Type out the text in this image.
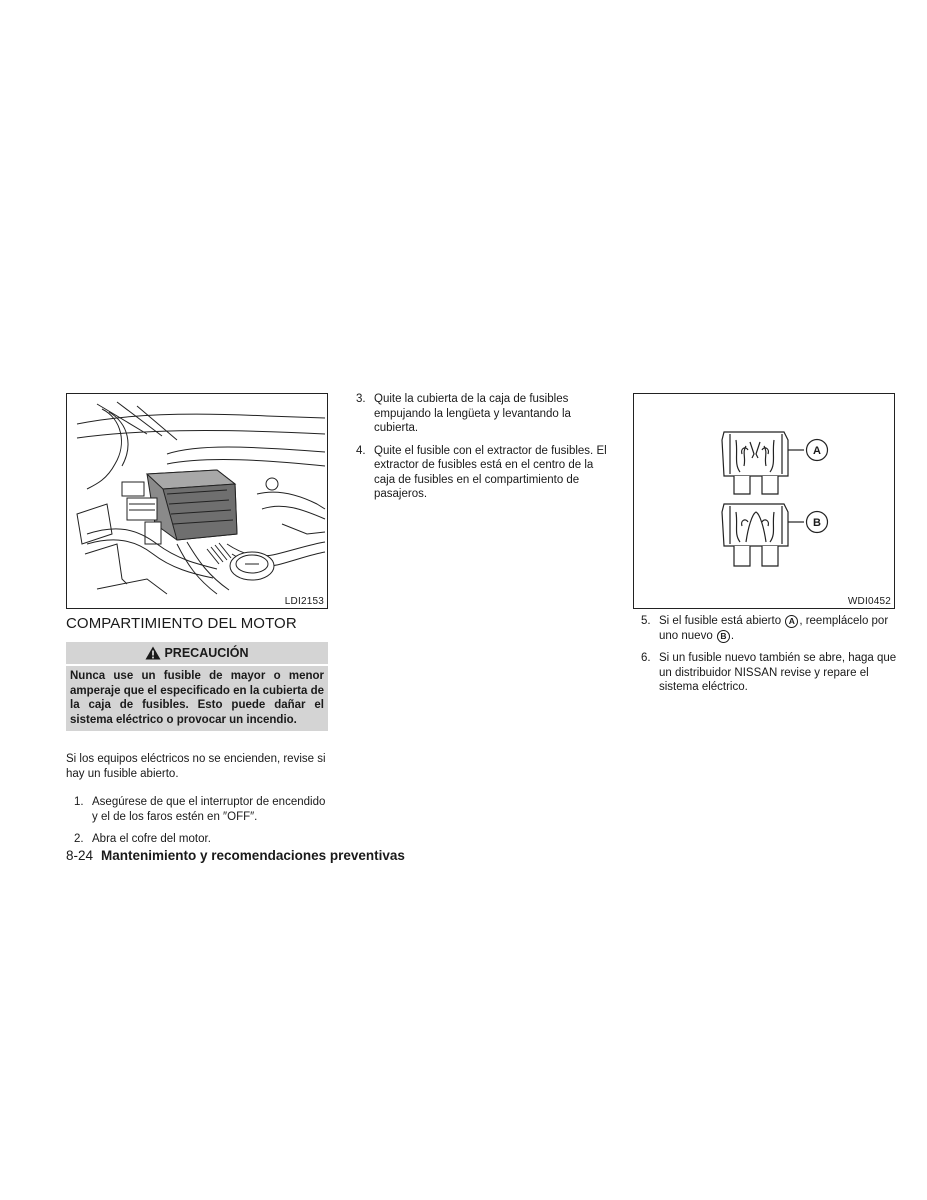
LDI2153
COMPARTIMIENTO DEL MOTOR
PRECAUCIÓN
Nunca use un fusible de mayor o menor amperaje que el especificado en la cubierta de la caja de fusibles. Esto puede dañar el sistema eléctrico o provocar un incendio.

Si los equipos eléctricos no se encienden, revise si hay un fusible abierto.

1. Asegúrese de que el interruptor de encendido y el de los faros estén en ″OFF″.
2. Abra el cofre del motor.
3. Quite la cubierta de la caja de fusibles empujando la lengüeta y levantando la cubierta.
4. Quite el fusible con el extractor de fusibles. El extractor de fusibles está en el centro de la caja de fusibles en el compartimiento de pasajeros.
A
B
WDI0452
5. Si el fusible está abierto A , reemplácelo por uno nuevo B .
6. Si un fusible nuevo también se abre, haga que un distribuidor NISSAN revise y repare el sistema eléctrico.
8-24 Mantenimiento y recomendaciones preventivas
